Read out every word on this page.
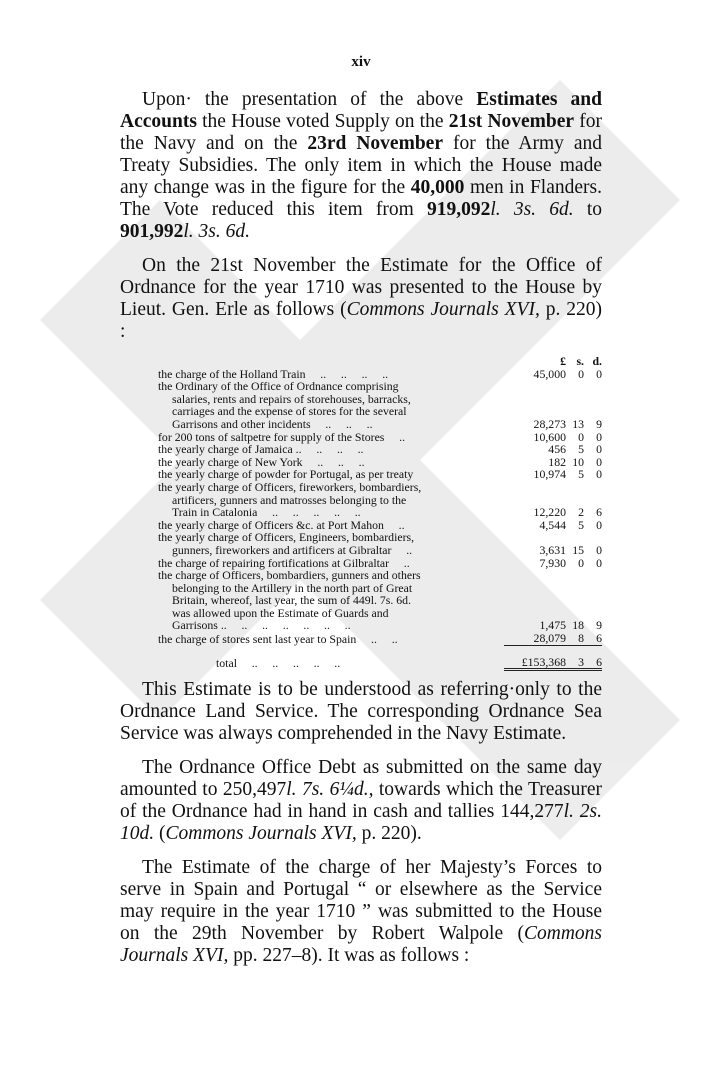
xiv

Upon· the presentation of the above Estimates and Accounts the House voted Supply on the 21st November for the Navy and on the 23rd November for the Army and Treaty Subsidies. The only item in which the House made any change was in the figure for the 40,000 men in Flanders. The Vote reduced this item from 919,092l. 3s. 6d. to 901,992l. 3s. 6d.

On the 21st November the Estimate for the Office of Ordnance for the year 1710 was presented to the House by Lieut. Gen. Erle as follows (Commons Journals XVI, p. 220) :

	£	s.	d.
the charge of the Holland Train  ..  ..  ..  ..	45,000	0	0
the Ordinary of the Office of Ordnance comprising			
salaries, rents and repairs of storehouses, barracks,			
carriages and the expense of stores for the several			
Garrisons and other incidents  ..  ..  ..	28,273	13	9
for 200 tons of saltpetre for supply of the Stores  ..	10,600	0	0
the yearly charge of Jamaica ..  ..  ..  ..	456	5	0
the yearly charge of New York  ..  ..  ..	182	10	0
the yearly charge of powder for Portugal, as per treaty	10,974	5	0
the yearly charge of Officers, fireworkers, bombardiers,			
artificers, gunners and matrosses belonging to the			
Train in Catalonia  ..  ..  ..  ..  ..	12,220	2	6
the yearly charge of Officers &c. at Port Mahon  ..	4,544	5	0
the yearly charge of Officers, Engineers, bombardiers,			
gunners, fireworkers and artificers at Gibraltar  ..	3,631	15	0
the charge of repairing fortifications at Gilbraltar  ..	7,930	0	0
the charge of Officers, bombardiers, gunners and others			
belonging to the Artillery in the north part of Great			
Britain, whereof, last year, the sum of 449l. 7s. 6d.			
was allowed upon the Estimate of Guards and			
Garrisons ..  ..  ..  ..  ..  ..  ..	1,475	18	9
the charge of stores sent last year to Spain  ..  ..	28,079	8	6
total  ..  ..  ..  ..  ..	£153,368	3	6

This Estimate is to be understood as referring·only to the Ordnance Land Service. The corresponding Ordnance Sea Service was always comprehended in the Navy Estimate.

The Ordnance Office Debt as submitted on the same day amounted to 250,497l. 7s. 6¼d., towards which the Treasurer of the Ordnance had in hand in cash and tallies 144,277l. 2s. 10d. (Commons Journals XVI, p. 220).

The Estimate of the charge of her Majesty’s Forces to serve in Spain and Portugal “ or elsewhere as the Service may require in the year 1710 ” was submitted to the House on the 29th November by Robert Walpole (Commons Journals XVI, pp. 227–8). It was as follows :
